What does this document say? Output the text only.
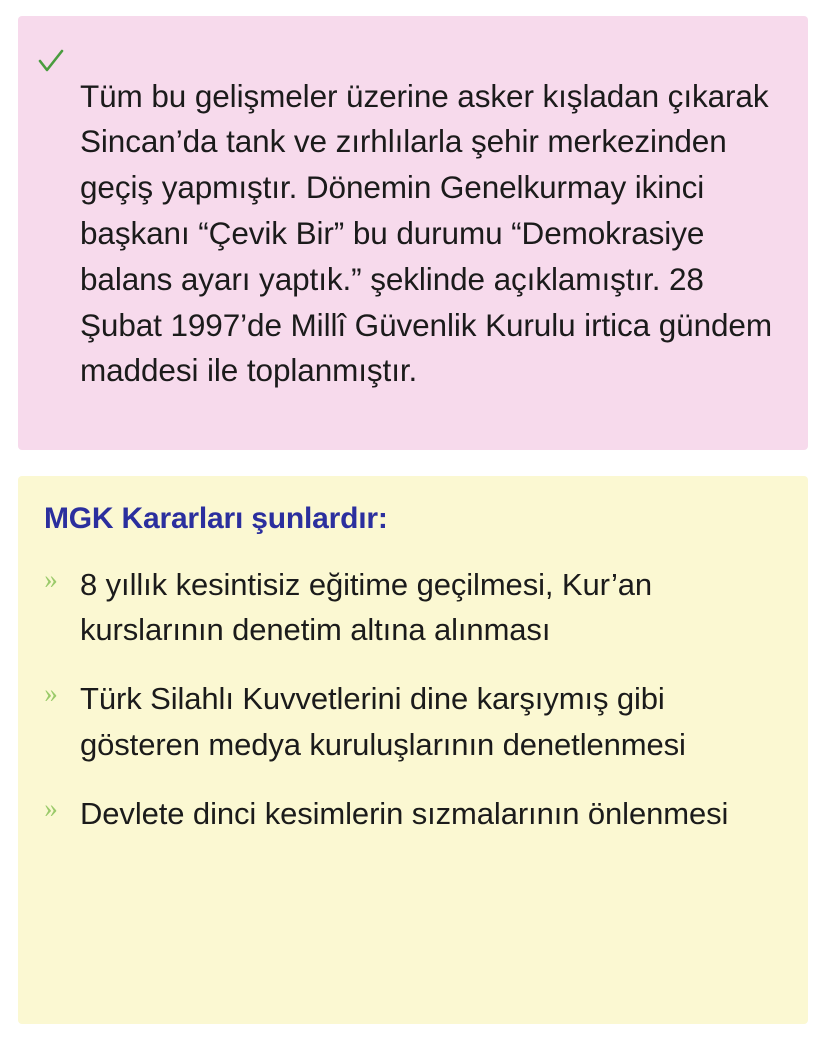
Tüm bu gelişmeler üzerine asker kışladan çıkarak Sincan’da tank ve zırhlılarla şehir merkezinden geçiş yapmıştır. Dönemin Genelkurmay ikinci başkanı “Çevik Bir” bu durumu “Demokrasiye balans ayarı yaptık.” şeklinde açıklamıştır. 28 Şubat 1997’de Millî Güvenlik Kurulu irtica gündem maddesi ile toplanmıştır.

MGK Kararları şunlardır:
» 8 yıllık kesintisiz eğitime geçilmesi, Kur’an kurslarının denetim altına alınması
» Türk Silahlı Kuvvetlerini dine karşıymış gibi gösteren medya kuruluşlarının denetlenmesi
» Devlete dinci kesimlerin sızmalarının önlenmesi
